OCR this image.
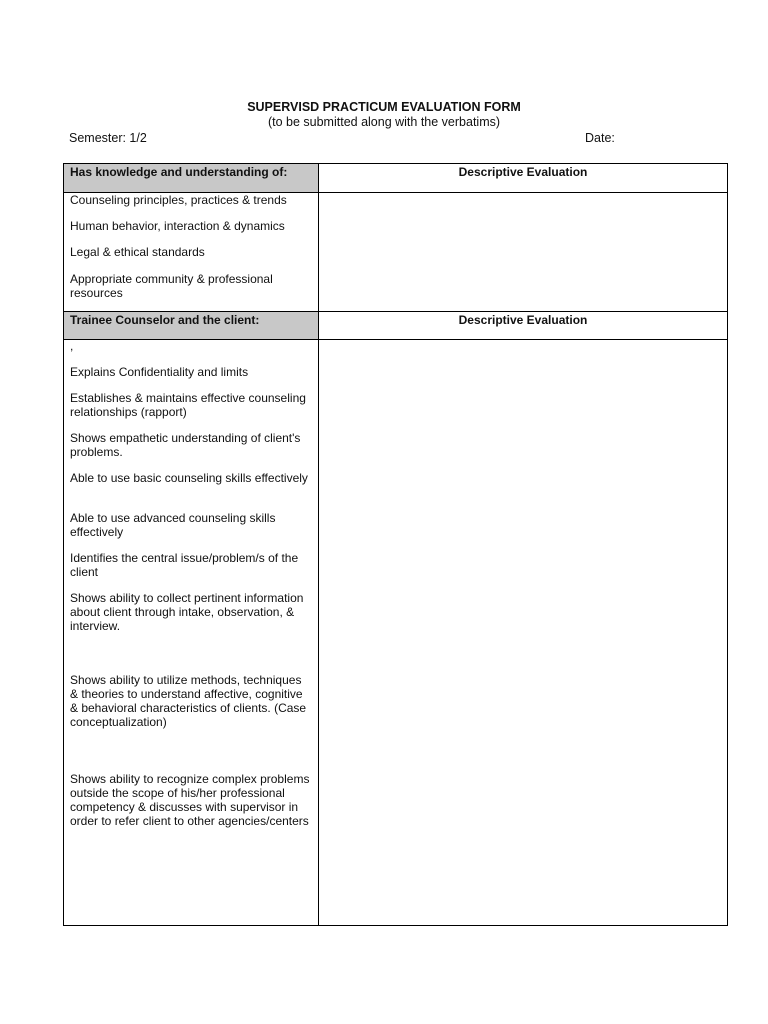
SUPERVISD PRACTICUM EVALUATION FORM
(to be submitted along with the verbatims)
Semester: 1/2	Date:
Has knowledge and understanding of:	Descriptive Evaluation
Counseling principles, practices & trends
Human behavior, interaction & dynamics
Legal & ethical standards
Appropriate community & professional resources
Trainee Counselor and the client:	Descriptive Evaluation
,
Explains Confidentiality and limits
Establishes & maintains effective counseling relationships (rapport)
Shows empathetic understanding of client's problems.
Able to use basic counseling skills effectively
Able to use advanced counseling skills effectively
Identifies the central issue/problem/s of the client
Shows ability to collect pertinent information about client through intake, observation, & interview.
Shows ability to utilize methods, techniques & theories to understand affective, cognitive & behavioral characteristics of clients. (Case conceptualization)
Shows ability to recognize complex problems outside the scope of his/her professional competency & discusses with supervisor in order to refer client to other agencies/centers
